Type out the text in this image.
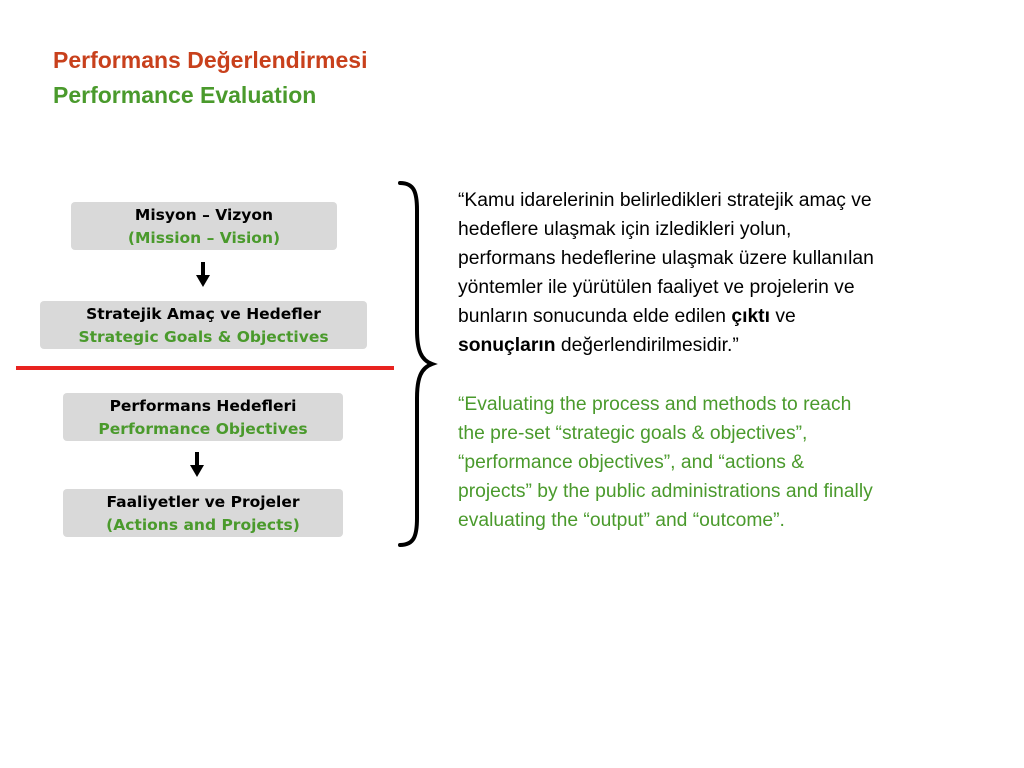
Performans Değerlendirmesi
Performance Evaluation
Misyon – Vizyon
(Mission – Vision)
Stratejik Amaç ve Hedefler
Strategic Goals & Objectives
Performans Hedefleri
Performance Objectives
Faaliyetler ve Projeler
(Actions and Projects)
“Kamu idarelerinin belirledikleri stratejik amaç ve
hedeflere ulaşmak için izledikleri yolun,
performans hedeflerine ulaşmak üzere kullanılan
yöntemler ile yürütülen faaliyet ve projelerin ve
bunların sonucunda elde edilen çıktı ve
sonuçların değerlendirilmesidir.”
“Evaluating the process and methods to reach
the pre-set “strategic goals & objectives”,
“performance objectives”, and “actions &
projects” by the public administrations and finally
evaluating the “output” and “outcome”.
